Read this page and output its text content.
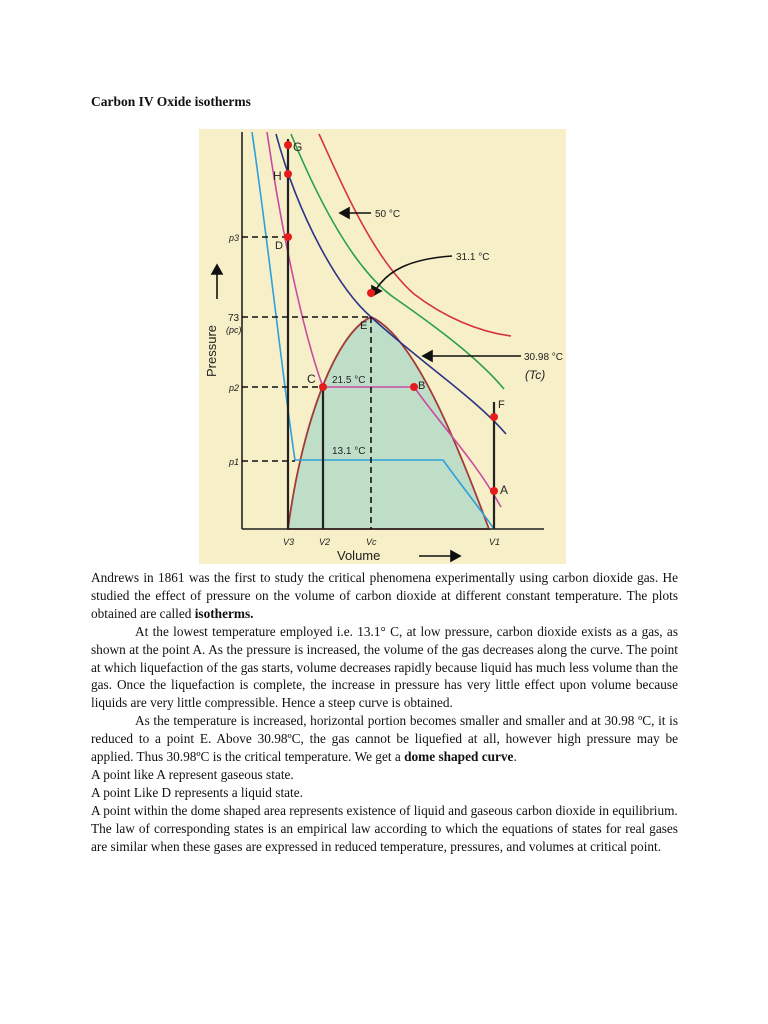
Carbon IV Oxide isotherms
G
H
D
E
C	B
F
A
50 °C
31.1 °C
30.98 °C
(Tc)
21.5 °C
13.1 °C
73
(pc)
p3
p2
p1
V3	V2	Vc	V1
Volume
Pressure

Andrews in 1861 was the first to study the critical phenomena experimentally using carbon dioxide gas. He studied the effect of pressure on the volume of carbon dioxide at different constant temperature. The plots obtained are called isotherms.

At the lowest temperature employed i.e. 13.1° C, at low pressure, carbon dioxide exists as a gas, as shown at the point A. As the pressure is increased, the volume of the gas decreases along the curve. The point at which liquefaction of the gas starts, volume decreases rapidly because liquid has much less volume than the gas. Once the liquefaction is complete, the increase in pressure has very little effect upon volume because liquids are very little compressible. Hence a steep curve is obtained.

As the temperature is increased, horizontal portion becomes smaller and smaller and at 30.98 ºC, it is reduced to a point E. Above 30.98ºC, the gas cannot be liquefied at all, however high pressure may be applied. Thus 30.98ºC is the critical temperature. We get a dome shaped curve.

A point like A represent gaseous state.

A point Like D represents a liquid state.

A point within the dome shaped area represents existence of liquid and gaseous carbon dioxide in equilibrium.

The law of corresponding states is an empirical law according to which the equations of states for real gases are similar when these gases are expressed in reduced temperature, pressures, and volumes at critical point.
